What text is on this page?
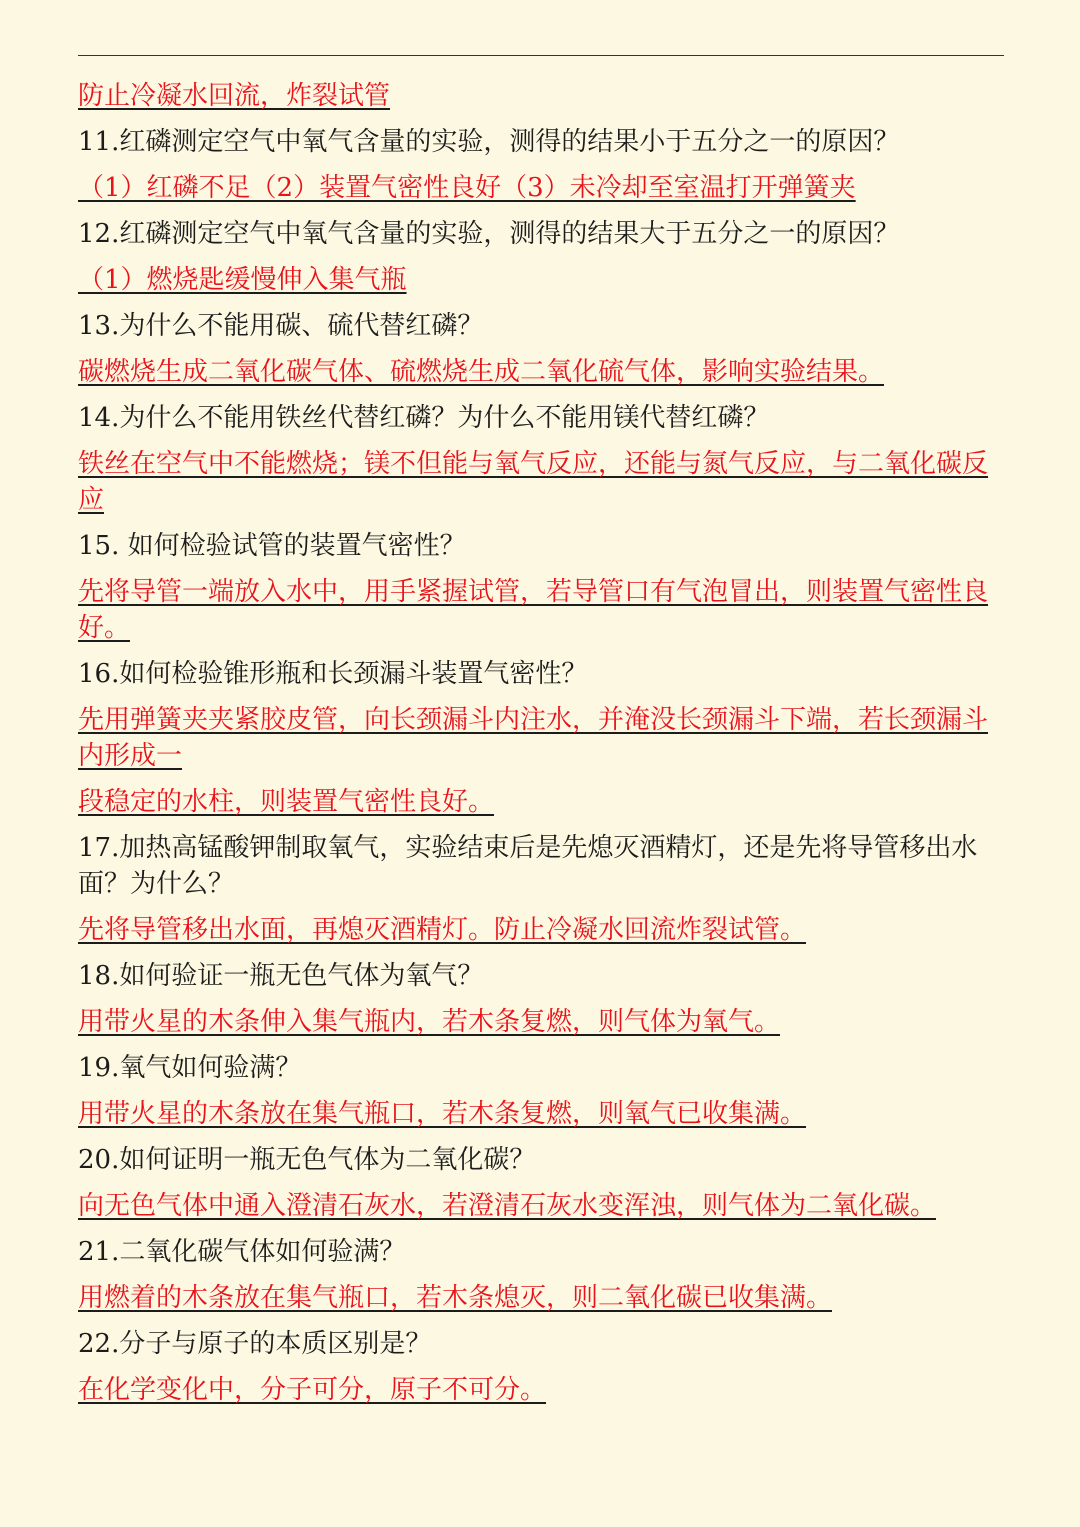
防止冷凝水回流，炸裂试管
11.红磷测定空气中氧气含量的实验，测得的结果小于五分之一的原因？
（1）红磷不足（2）装置气密性良好（3）未冷却至室温打开弹簧夹
12.红磷测定空气中氧气含量的实验，测得的结果大于五分之一的原因？
（1）燃烧匙缓慢伸入集气瓶
13.为什么不能用碳、硫代替红磷？
碳燃烧生成二氧化碳气体、硫燃烧生成二氧化硫气体，影响实验结果。
14.为什么不能用铁丝代替红磷？为什么不能用镁代替红磷？
铁丝在空气中不能燃烧；镁不但能与氧气反应，还能与氮气反应，与二氧化碳反应
15. 如何检验试管的装置气密性？
先将导管一端放入水中，用手紧握试管，若导管口有气泡冒出，则装置气密性良好。
16.如何检验锥形瓶和长颈漏斗装置气密性？
先用弹簧夹夹紧胶皮管，向长颈漏斗内注水，并淹没长颈漏斗下端，若长颈漏斗内形成一
段稳定的水柱，则装置气密性良好。
17.加热高锰酸钾制取氧气，实验结束后是先熄灭酒精灯，还是先将导管移出水面？为什么？
先将导管移出水面，再熄灭酒精灯。防止冷凝水回流炸裂试管。
18.如何验证一瓶无色气体为氧气？
用带火星的木条伸入集气瓶内，若木条复燃，则气体为氧气。
19.氧气如何验满？
用带火星的木条放在集气瓶口，若木条复燃，则氧气已收集满。
20.如何证明一瓶无色气体为二氧化碳？
向无色气体中通入澄清石灰水，若澄清石灰水变浑浊，则气体为二氧化碳。
21.二氧化碳气体如何验满？
用燃着的木条放在集气瓶口，若木条熄灭，则二氧化碳已收集满。
22.分子与原子的本质区别是？
在化学变化中，分子可分，原子不可分。
